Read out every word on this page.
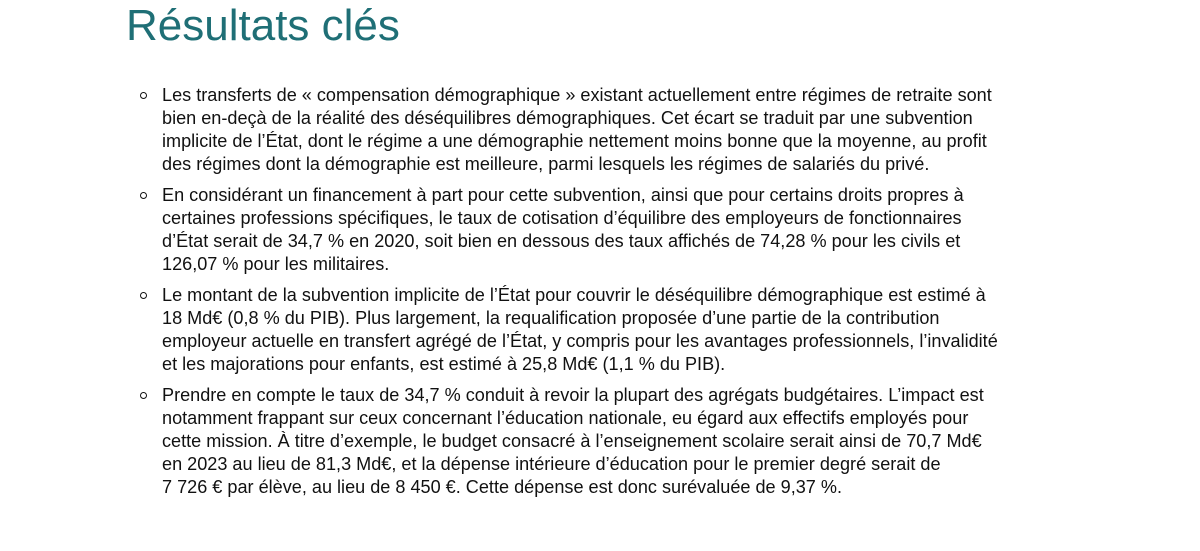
Résultats clés
Les transferts de « compensation démographique » existant actuellement entre régimes de retraite sont
bien en-deçà de la réalité des déséquilibres démographiques. Cet écart se traduit par une subvention
implicite de l’État, dont le régime a une démographie nettement moins bonne que la moyenne, au profit
des régimes dont la démographie est meilleure, parmi lesquels les régimes de salariés du privé.
En considérant un financement à part pour cette subvention, ainsi que pour certains droits propres à
certaines professions spécifiques, le taux de cotisation d’équilibre des employeurs de fonctionnaires
d’État serait de 34,7 % en 2020, soit bien en dessous des taux affichés de 74,28 % pour les civils et
126,07 % pour les militaires.
Le montant de la subvention implicite de l’État pour couvrir le déséquilibre démographique est estimé à
18 Md€ (0,8 % du PIB). Plus largement, la requalification proposée d’une partie de la contribution
employeur actuelle en transfert agrégé de l’État, y compris pour les avantages professionnels, l’invalidité
et les majorations pour enfants, est estimé à 25,8 Md€ (1,1 % du PIB).
Prendre en compte le taux de 34,7 % conduit à revoir la plupart des agrégats budgétaires. L’impact est
notamment frappant sur ceux concernant l’éducation nationale, eu égard aux effectifs employés pour
cette mission. À titre d’exemple, le budget consacré à l’enseignement scolaire serait ainsi de 70,7 Md€
en 2023 au lieu de 81,3 Md€, et la dépense intérieure d’éducation pour le premier degré serait de
7 726 € par élève, au lieu de 8 450 €. Cette dépense est donc surévaluée de 9,37 %.
